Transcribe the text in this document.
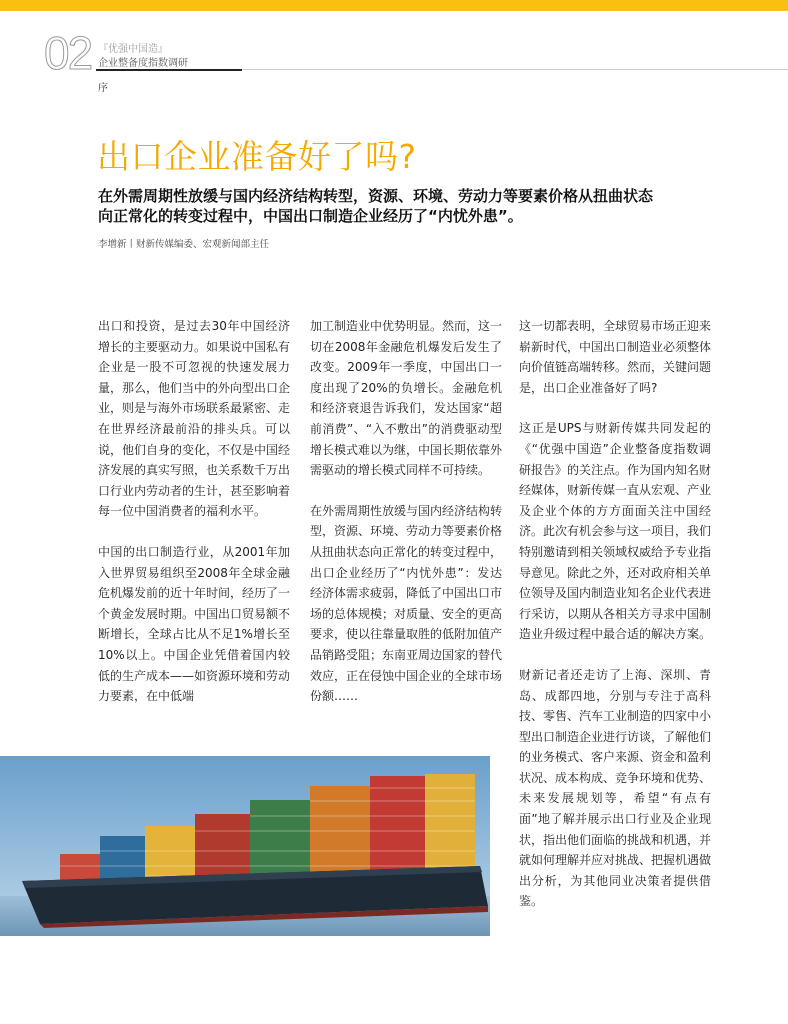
02 『优强中国造』
企业整备度指数调研
序
出口企业准备好了吗?
在外需周期性放缓与国内经济结构转型，资源、环境、劳动力等要素价格从扭曲状态向正常化的转变过程中，中国出口制造企业经历了“内忧外患”。
李增新丨财新传媒编委、宏观新闻部主任

出口和投资，是过去30年中国经济增长的主要驱动力。如果说中国私有企业是一股不可忽视的快速发展力量，那么，他们当中的外向型出口企业，则是与海外市场联系最紧密、走在世界经济最前沿的排头兵。可以说，他们自身的变化，不仅是中国经济发展的真实写照，也关系数千万出口行业内劳动者的生计，甚至影响着每一位中国消费者的福利水平。

中国的出口制造行业，从2001年加入世界贸易组织至2008年全球金融危机爆发前的近十年时间，经历了一个黄金发展时期。中国出口贸易额不断增长，全球占比从不足1%增长至10%以上。中国企业凭借着国内较低的生产成本——如资源环境和劳动力要素，在中低端

加工制造业中优势明显。然而，这一切在2008年金融危机爆发后发生了改变。2009年一季度，中国出口一度出现了20%的负增长。金融危机和经济衰退告诉我们，发达国家“超前消费”、“入不敷出”的消费驱动型增长模式难以为继，中国长期依靠外需驱动的增长模式同样不可持续。

在外需周期性放缓与国内经济结构转型，资源、环境、劳动力等要素价格从扭曲状态向正常化的转变过程中，出口企业经历了“内忧外患”：发达经济体需求疲弱，降低了中国出口市场的总体规模；对质量、安全的更高要求，使以往靠量取胜的低附加值产品销路受阻；东南亚周边国家的替代效应，正在侵蚀中国企业的全球市场份额……

这一切都表明，全球贸易市场正迎来崭新时代，中国出口制造业必须整体向价值链高端转移。然而，关键问题是，出口企业准备好了吗?

这正是UPS与财新传媒共同发起的《“优强中国造”企业整备度指数调研报告》的关注点。作为国内知名财经媒体，财新传媒一直从宏观、产业及企业个体的方方面面关注中国经济。此次有机会参与这一项目，我们特别邀请到相关领域权威给予专业指导意见。除此之外，还对政府相关单位领导及国内制造业知名企业代表进行采访，以期从各相关方寻求中国制造业升级过程中最合适的解决方案。

财新记者还走访了上海、深圳、青岛、成都四地，分别与专注于高科技、零售、汽车工业制造的四家中小型出口制造企业进行访谈，了解他们的业务模式、客户来源、资金和盈利状况、成本构成、竞争环境和优势、未来发展规划等，希望“有点有面”地了解并展示出口行业及企业现状，指出他们面临的挑战和机遇，并就如何理解并应对挑战、把握机遇做出分析，为其他同业决策者提供借鉴。
